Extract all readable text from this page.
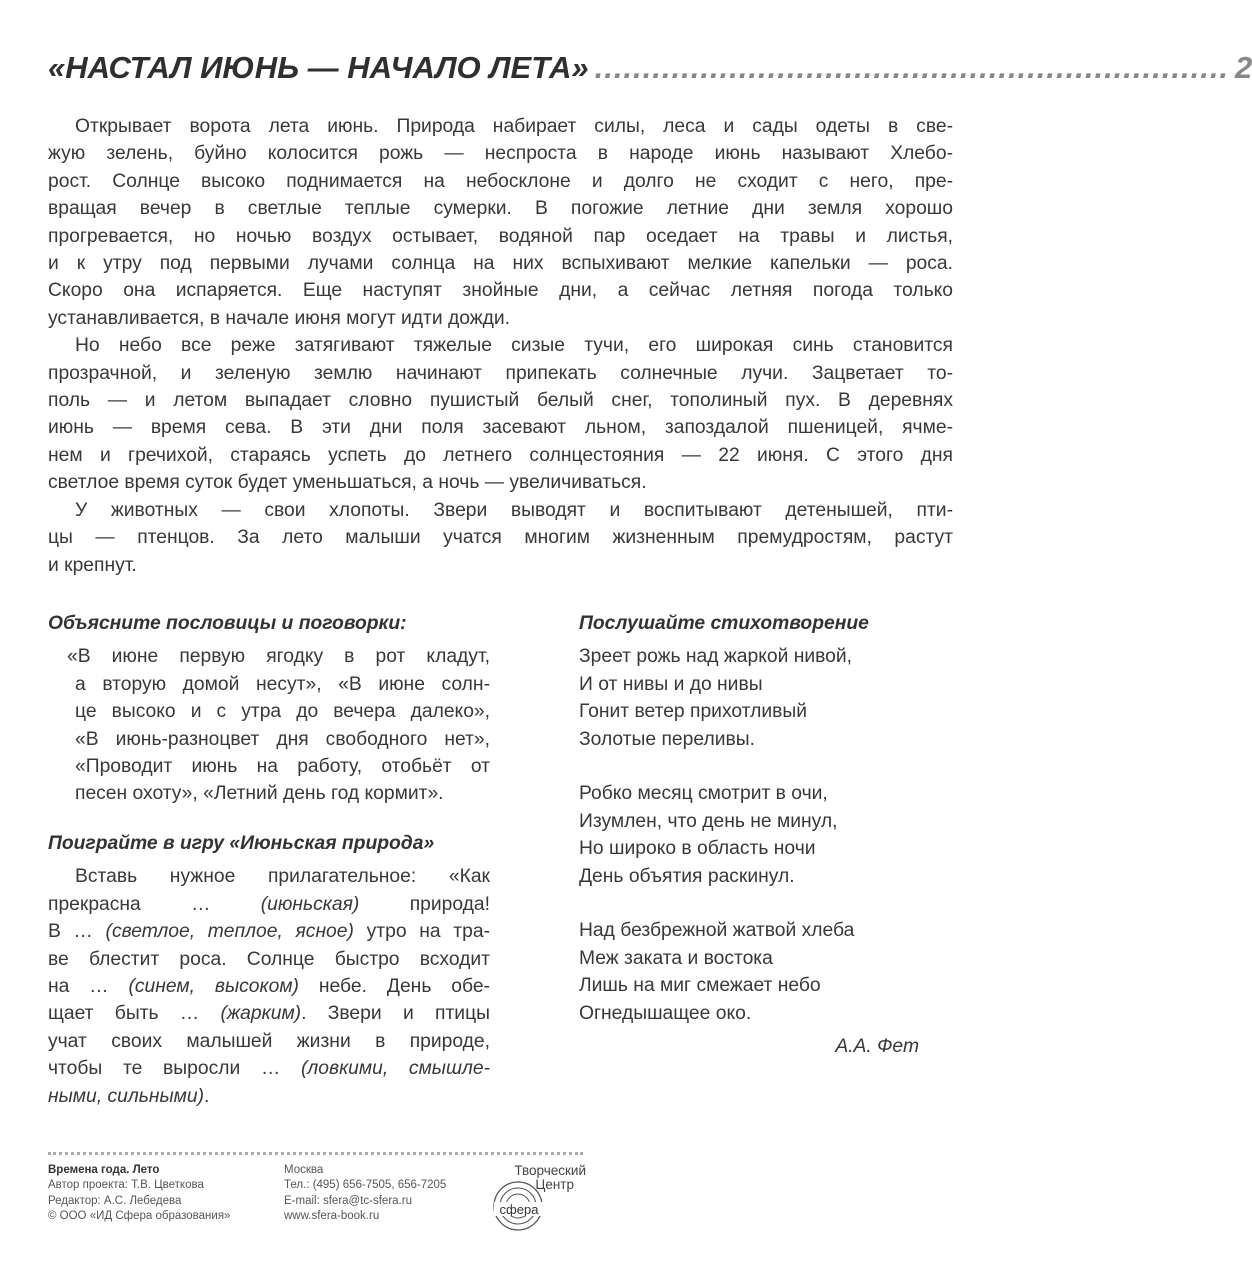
«НАСТАЛ ИЮНЬ — НАЧАЛО ЛЕТА» .................................................................. 2
Открывает ворота лета июнь. Природа набирает силы, леса и сады одеты в све-
жую зелень, буйно колосится рожь — неспроста в народе июнь называют Хлебо-
рост. Солнце высоко поднимается на небосклоне и долго не сходит с него, пре-
вращая вечер в светлые теплые сумерки. В погожие летние дни земля хорошо
прогревается, но ночью воздух остывает, водяной пар оседает на травы и листья,
и к утру под первыми лучами солнца на них вспыхивают мелкие капельки — роса.
Скоро она испаряется. Еще наступят знойные дни, а сейчас летняя погода только
устанавливается, в начале июня могут идти дожди.
Но небо все реже затягивают тяжелые сизые тучи, его широкая синь становится
прозрачной, и зеленую землю начинают припекать солнечные лучи. Зацветает то-
поль — и летом выпадает словно пушистый белый снег, тополиный пух. В деревнях
июнь — время сева. В эти дни поля засевают льном, запоздалой пшеницей, ячме-
нем и гречихой, стараясь успеть до летнего солнцестояния — 22 июня. С этого дня
светлое время суток будет уменьшаться, а ночь — увеличиваться.
У животных — свои хлопоты. Звери выводят и воспитывают детенышей, пти-
цы — птенцов. За лето малыши учатся многим жизненным премудростям, растут
и крепнут.
Объясните пословицы и поговорки:
«В июне первую ягодку в рот кладут,
а вторую домой несут», «В июне солн-
це высоко и с утра до вечера далеко»,
«В июнь-разноцвет дня свободного нет»,
«Проводит июнь на работу, отобьёт от
песен охоту», «Летний день год кормит».
Поиграйте в игру «Июньская природа»
Вставь нужное прилагательное: «Как
прекрасна … (июньская) природа!
В … (светлое, теплое, ясное) утро на тра-
ве блестит роса. Солнце быстро всходит
на … (синем, высоком) небе. День обе-
щает быть … (жарким). Звери и птицы
учат своих малышей жизни в природе,
чтобы те выросли … (ловкими, смышле-
ными, сильными).
Послушайте стихотворение
Зреет рожь над жаркой нивой,
И от нивы и до нивы
Гонит ветер прихотливый
Золотые переливы.
Робко месяц смотрит в очи,
Изумлен, что день не минул,
Но широко в область ночи
День объятия раскинул.
Над безбрежной жатвой хлеба
Меж заката и востока
Лишь на миг смежает небо
Огнедышащее око.
А.А. Фет
Времена года. Лето
Автор проекта: Т.В. Цветкова
Редактор: А.С. Лебедева
© ООО «ИД Сфера образования»
Москва
Тел.: (495) 656-7505, 656-7205
E-mail: sfera@tc-sfera.ru
www.sfera-book.ru
Творческий
Центр
сфера
